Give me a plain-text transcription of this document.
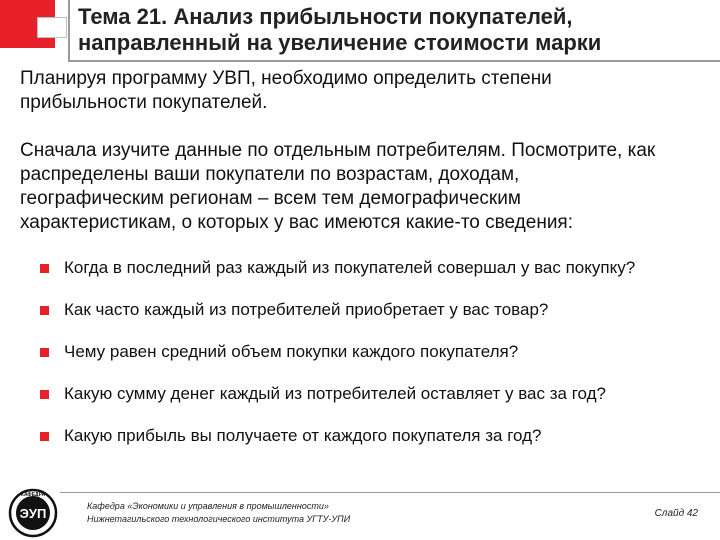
Тема 21. Анализ прибыльности покупателей,
направленный на увеличение стоимости марки
Планируя программу УВП, необходимо определить степени
прибыльности покупателей.
Сначала изучите данные по отдельным потребителям. Посмотрите, как
распределены ваши покупатели по возрастам, доходам,
географическим регионам – всем тем демографическим
характеристикам, о которых у вас имеются какие-то сведения:
Когда в последний раз каждый из покупателей совершал у вас покупку?
Как часто каждый из потребителей приобретает у вас товар?
Чему равен средний объем покупки каждого покупателя?
Какую сумму денег каждый из потребителей оставляет у вас за год?
Какую прибыль вы получаете от каждого покупателя за год?
КАФЕДРА
ЭУП	Кафедра «Экономики и управления в промышленности»
Нижнетагильского технологического института УГТУ-УПИ	Слайд 42
